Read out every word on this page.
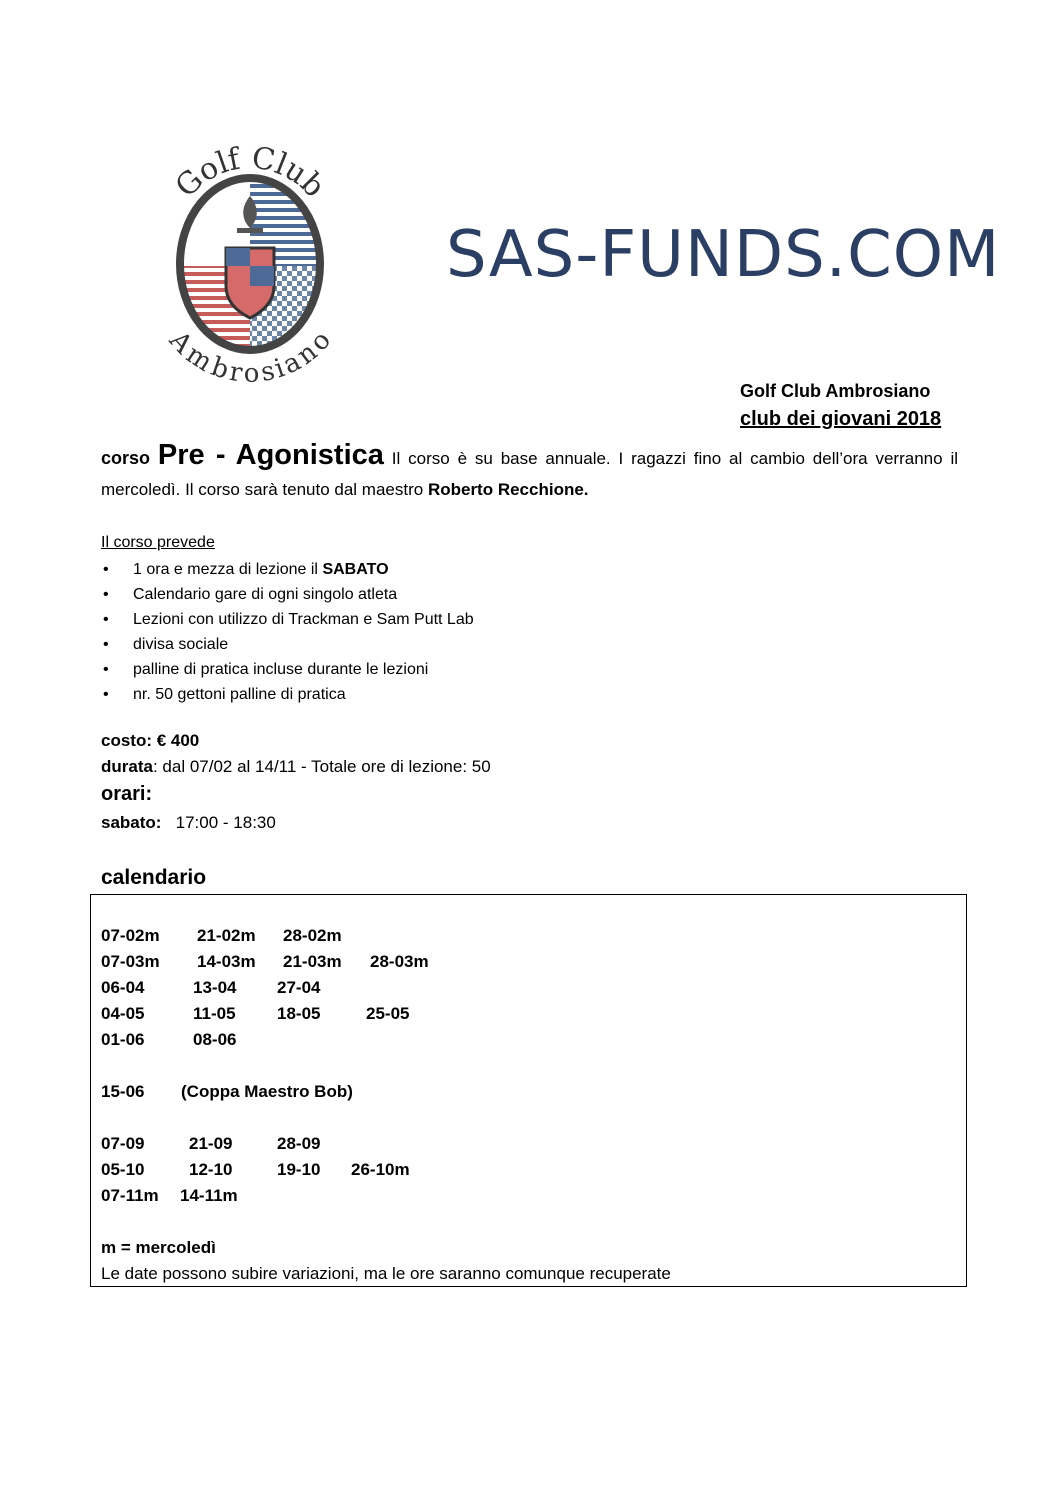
Golf Club
Ambrosiano
SAS-FUNDS.COM
Golf Club Ambrosiano
club dei giovani 2018
corso Pre - Agonistica Il corso è su base annuale. I ragazzi fino al cambio dell’ora verranno il mercoledì. Il corso sarà tenuto dal maestro Roberto Recchione.
Il corso prevede
• 1 ora e mezza di lezione il SABATO
• Calendario gare di ogni singolo atleta
• Lezioni con utilizzo di Trackman e Sam Putt Lab
• divisa sociale
• palline di pratica incluse durante le lezioni
• nr. 50 gettoni palline di pratica
costo: € 400
durata: dal 07/02 al 14/11 - Totale ore di lezione: 50
orari:
sabato: 17:00 - 18:30
calendario
07-02m 21-02m 28-02m
07-03m 14-03m 21-03m 28-03m
06-04	13-04 27-04
04-05	11-05 18-05	25-05
01-06	08-06
15-06 (Coppa Maestro Bob)
07-09	21-09	28-09
05-10	12-10	19-10 26-10m
07-11m 14-11m
m = mercoledì
Le date possono subire variazioni, ma le ore saranno comunque recuperate
